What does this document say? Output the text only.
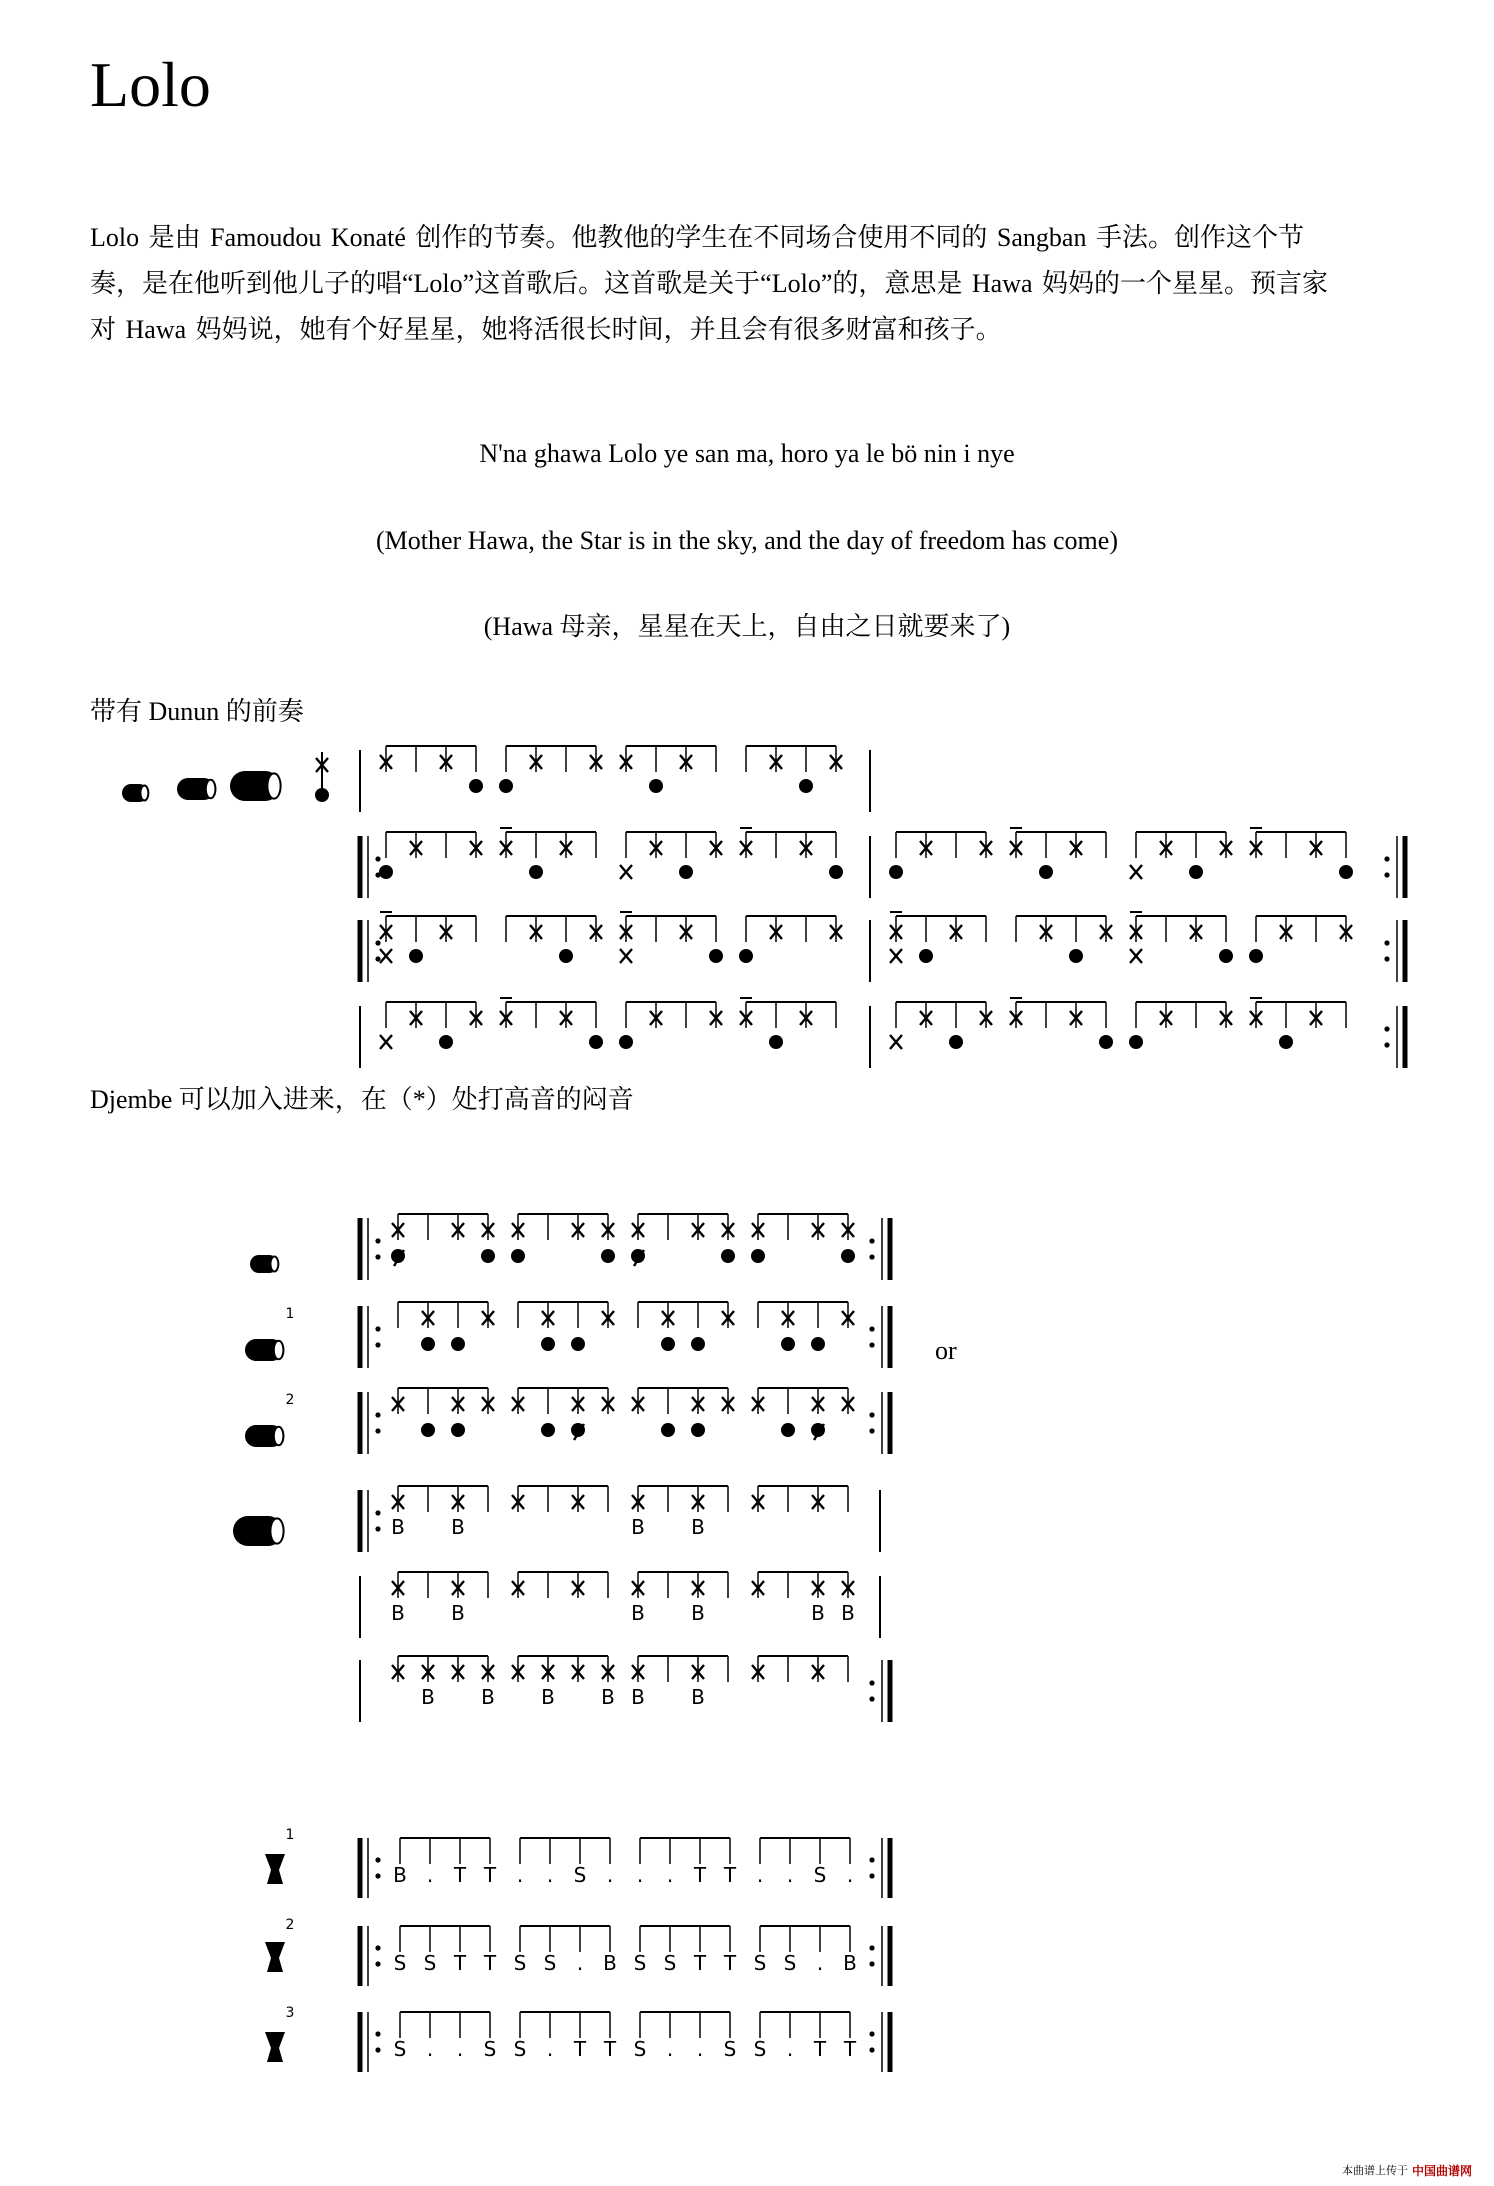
Lolo

Lolo 是由 Famoudou Konaté 创作的节奏。他教他的学生在不同场合使用不同的 Sangban 手法。创作这个节奏，是在他听到他儿子的唱“Lolo”这首歌后。这首歌是关于“Lolo”的，意思是 Hawa 妈妈的一个星星。预言家对 Hawa 妈妈说，她有个好星星，她将活很长时间，并且会有很多财富和孩子。

N'na ghawa Lolo ye san ma, horo ya le bö nin i nye
(Mother Hawa, the Star is in the sky, and the day of freedom has come)
(Hawa 母亲，星星在天上，自由之日就要来了)
带有 Dunun 的前奏
Djembe 可以加入进来，在（*）处打高音的闷音
or
1
2
1
2
3
B B	B B
B B	B B	B B
B B B B B B
B . T T . . S . . . T T . . S .
S S T T S S . B S S T T S S . B
S . . S S . T T S . . S S . T T
本曲谱上传于 中国曲谱网
